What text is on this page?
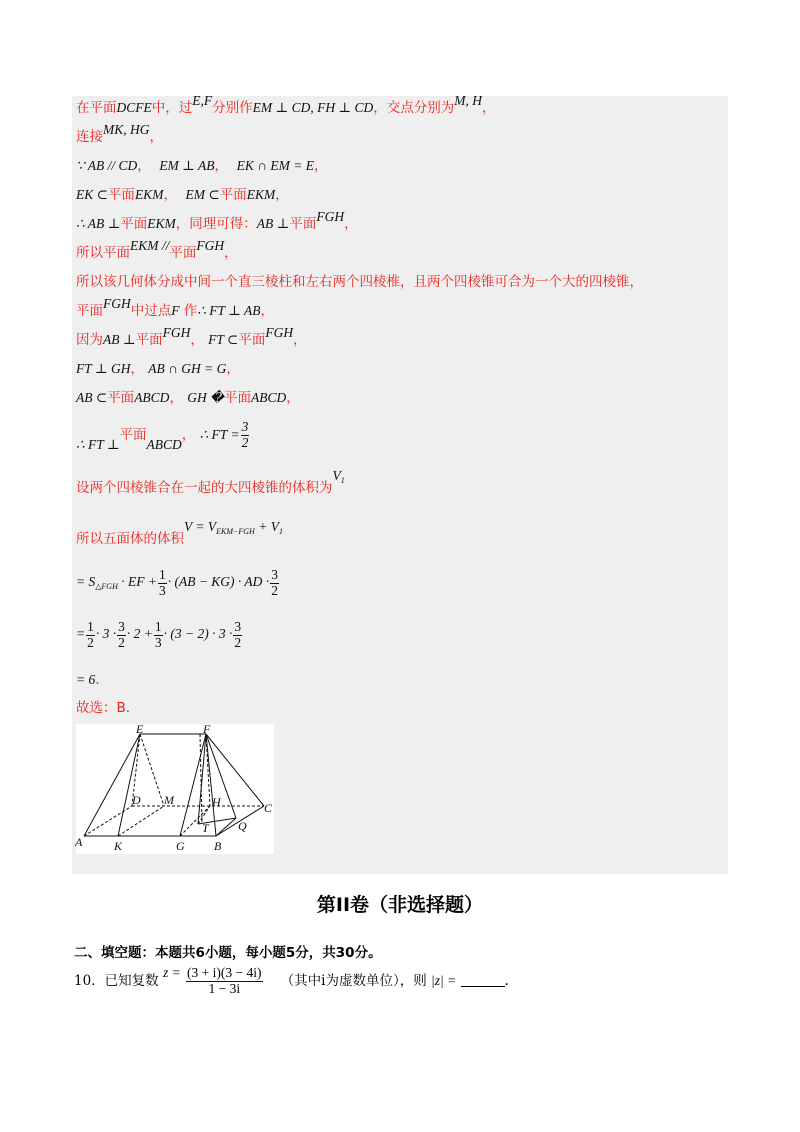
在平面DCFE中，过E,F分别作EM ⊥ CD, FH ⊥ CD，交点分别为M, H，
连接MK, HG，
∵ AB // CD， EM ⊥ AB， EK ∩ EM = E，
EK ⊂平面EKM， EM ⊂平面EKM，
∴ AB ⊥平面EKM，同理可得：AB ⊥平面FGH，
所以平面EKM //平面FGH，
所以该几何体分成中间一个直三棱柱和左右两个四棱椎，且两个四棱锥可合为一个大的四棱锥，
平面FGH中过点F 作∴ FT ⊥ AB，
因为AB ⊥平面FGH， FT ⊂平面FGH，
FT ⊥ GH， AB ∩ GH = G，
AB ⊂平面ABCD， GH �平面ABCD，
∴ FT ⊥平面ABCD， ∴ FT = $\frac{3}{2}$
设两个四棱锥合在一起的大四棱锥的体积为$V_1$
所以五面体的体积$V = V_{EKM-FGH} + V_1$
= $S_{\triangle FGH}$ · EF + $\frac{1}{3} \cdot (AB - KG)$ · AD · $\frac{3}{2}$
= $\frac{1}{2} \cdot 3 \cdot \frac{3}{2} \cdot 2 + \frac{1}{3} \cdot (3 - 2) \cdot 3 \cdot \frac{3}{2}$
= 6.
故选：B.
E	F
D M	H	C
A	K	G
T
B
Q
第II卷（非选择题）
二、填空题：本题共6小题，每小题5分，共30分。
10．已知复数 $z = \frac{(3 + i)(3 - 4i)}{1 - 3i}$ （其中i为虚数单位），则 |z| =	.
